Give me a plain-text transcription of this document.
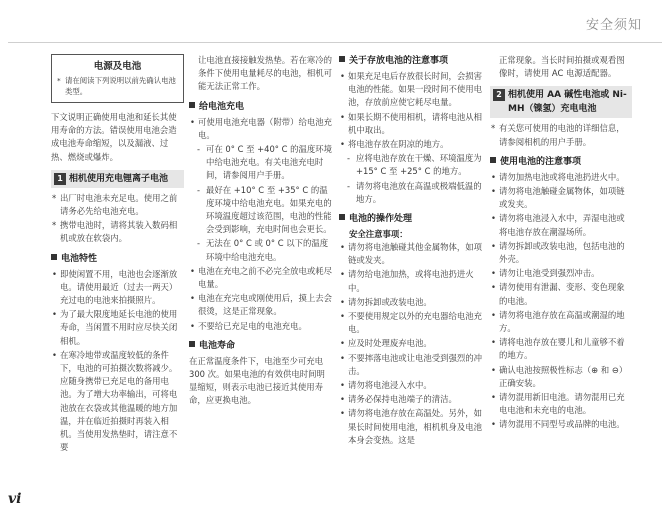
安全须知
电源及电池
* 请在阅读下列说明以前先确认电池类型。

下文说明正确使用电池和延长其使用寿命的方法。错误使用电池会造成电池寿命缩短，以及漏液、过热、燃烧或爆炸。

1 相机使用充电锂离子电池
* 出厂时电池未充足电。使用之前请务必先给电池充电。
* 携带电池时，请将其装入数码相机或放在软袋内。
电池特性
• 即使闲置不用，电池也会逐渐放电。请使用最近（过去一两天）充过电的电池来拍摄照片。
• 为了最大限度地延长电池的使用寿命，当闲置不用时应尽快关闭相机。
• 在寒冷地带或温度较低的条件下，电池的可拍摄次数将减少。应随身携带已充足电的备用电池。为了增大功率输出，可将电池放在衣袋或其他温暖的地方加温，并在临近拍摄时再装入相机。当使用发热垫时，请注意不要

让电池直接接触发热垫。若在寒冷的条件下使用电量耗尽的电池，相机可能无法正常工作。

给电池充电
• 可使用电池充电器（附带）给电池充电。
- 可在 0° C 至 +40° C 的温度环境中给电池充电。有关电池充电时间，请参阅用户手册。
- 最好在 +10° C 至 +35° C 的温度环境中给电池充电。如果充电的环境温度超过该范围，电池的性能会受到影响，充电时间也会更长。
- 无法在 0° C 或 0° C 以下的温度环境中给电池充电。
• 电池在充电之前不必完全放电或耗尽电量。
• 电池在充完电或刚使用后，摸上去会很烫，这是正常现象。
• 不要给已充足电的电池充电。
电池寿命

在正常温度条件下，电池至少可充电 300 次。如果电池的有效供电时间明显缩短，则表示电池已接近其使用寿命，应更换电池。

关于存放电池的注意事项
• 如果充足电后存放很长时间，会损害电池的性能。如果一段时间不使用电池，存放前应使它耗尽电量。
• 如果长期不使用相机，请将电池从相机中取出。
• 将电池存放在阴凉的地方。
- 应将电池存放在干燥、环境温度为 +15° C 至 +25° C 的地方。
- 请勿将电池放在高温或极端低温的地方。
电池的操作处理
安全注意事项：
• 请勿将电池触碰其他金属物体，如项链或发夹。
• 请勿给电池加热，或将电池扔进火中。
• 请勿拆卸或改装电池。
• 不要使用规定以外的充电器给电池充电。
• 应及时处理废弃电池。
• 不要摔落电池或让电池受到强烈的冲击。
• 请勿将电池浸入水中。
• 请务必保持电池端子的清洁。
• 请勿将电池存放在高温处。另外，如果长时间使用电池，相机机身及电池本身会变热。这是

正常现象。当长时间拍摄或观看图像时，请使用 AC 电源适配器。

2 相机使用 AA 碱性电池或 Ni-MH（镍氢）充电电池
* 有关您可使用的电池的详细信息，请参阅相机的用户手册。
使用电池的注意事项
• 请勿加热电池或将电池扔进火中。
• 请勿将电池触碰金属物体，如项链或发夹。
• 请勿将电池浸入水中，弄湿电池或将电池存放在潮湿场所。
• 请勿拆卸或改装电池，包括电池的外壳。
• 请勿让电池受到强烈冲击。
• 请勿使用有泄漏、变形、变色现象的电池。
• 请勿将电池存放在高温或潮湿的地方。
• 请将电池存放在婴儿和儿童够不着的地方。
• 确认电池按照极性标志（⊕ 和 ⊖）正确安装。
• 请勿混用新旧电池。请勿混用已充电电池和未充电的电池。
• 请勿混用不同型号或品牌的电池。
vi
